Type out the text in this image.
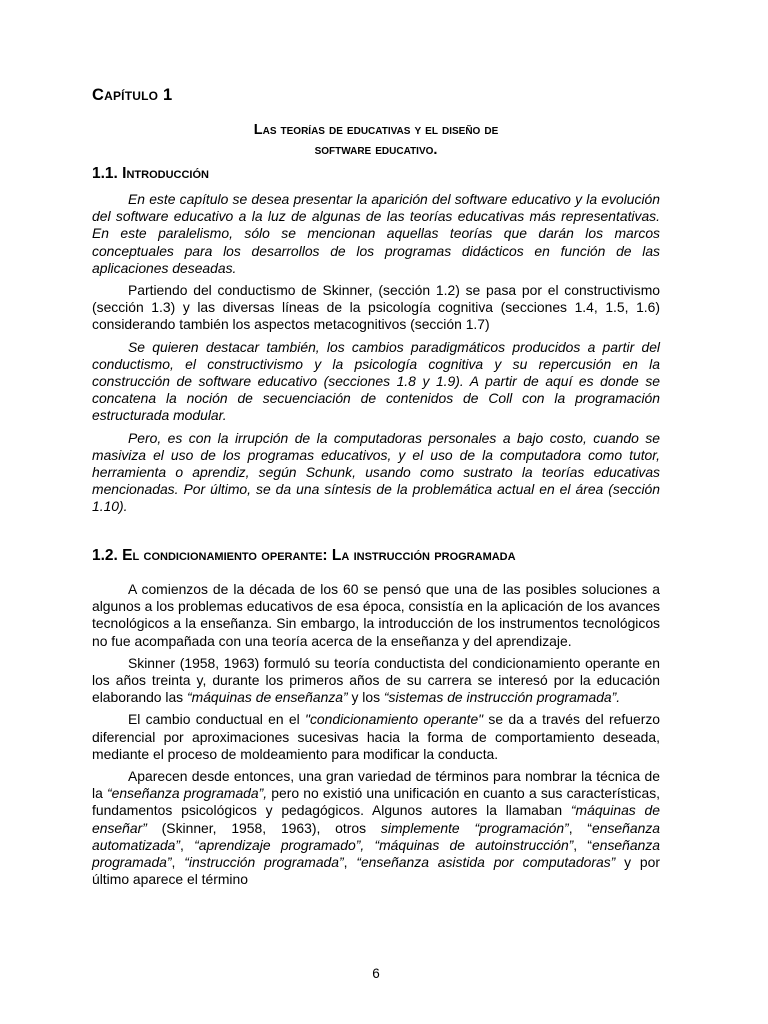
Capítulo 1
Las teorías de educativas y el diseño de
software educativo.
1.1. Introducción

En este capítulo se desea presentar la aparición del software educativo y la evolución del software educativo a la luz de algunas de las teorías educativas más representativas. En este paralelismo, sólo se mencionan aquellas teorías que darán los marcos conceptuales para los desarrollos de los programas didácticos en función de las aplicaciones deseadas.

Partiendo del conductismo de Skinner, (sección 1.2) se pasa por el constructivismo (sección 1.3) y las diversas líneas de la psicología cognitiva (secciones 1.4, 1.5, 1.6) considerando también los aspectos metacognitivos (sección 1.7)

Se quieren destacar también, los cambios paradigmáticos producidos a partir del conductismo, el constructivismo y la psicología cognitiva y su repercusión en la construcción de software educativo (secciones 1.8 y 1.9). A partir de aquí es donde se concatena la noción de secuenciación de contenidos de Coll con la programación estructurada modular.

Pero, es con la irrupción de la computadoras personales a bajo costo, cuando se masiviza el uso de los programas educativos, y el uso de la computadora como tutor, herramienta o aprendiz, según Schunk, usando como sustrato la teorías educativas mencionadas. Por último, se da una síntesis de la problemática actual en el área (sección 1.10).

1.2. El condicionamiento operante: La instrucción programada

A comienzos de la década de los 60 se pensó que una de las posibles soluciones a algunos a los problemas educativos de esa época, consistía en la aplicación de los avances tecnológicos a la enseñanza. Sin embargo, la introducción de los instrumentos tecnológicos no fue acompañada con una teoría acerca de la enseñanza y del aprendizaje.

Skinner (1958, 1963) formuló su teoría conductista del condicionamiento operante en los años treinta y, durante los primeros años de su carrera se interesó por la educación elaborando las “máquinas de enseñanza” y los “sistemas de instrucción programada”.

El cambio conductual en el "condicionamiento operante" se da a través del refuerzo diferencial por aproximaciones sucesivas hacia la forma de comportamiento deseada, mediante el proceso de moldeamiento para modificar la conducta.

Aparecen desde entonces, una gran variedad de términos para nombrar la técnica de la “enseñanza programada”, pero no existió una unificación en cuanto a sus características, fundamentos psicológicos y pedagógicos. Algunos autores la llamaban “máquinas de enseñar” (Skinner, 1958, 1963), otros simplemente “programación”, “enseñanza automatizada”, “aprendizaje programado”, “máquinas de autoinstrucción”, “enseñanza programada”, “instrucción programada”, “enseñanza asistida por computadoras” y por último aparece el término

6
